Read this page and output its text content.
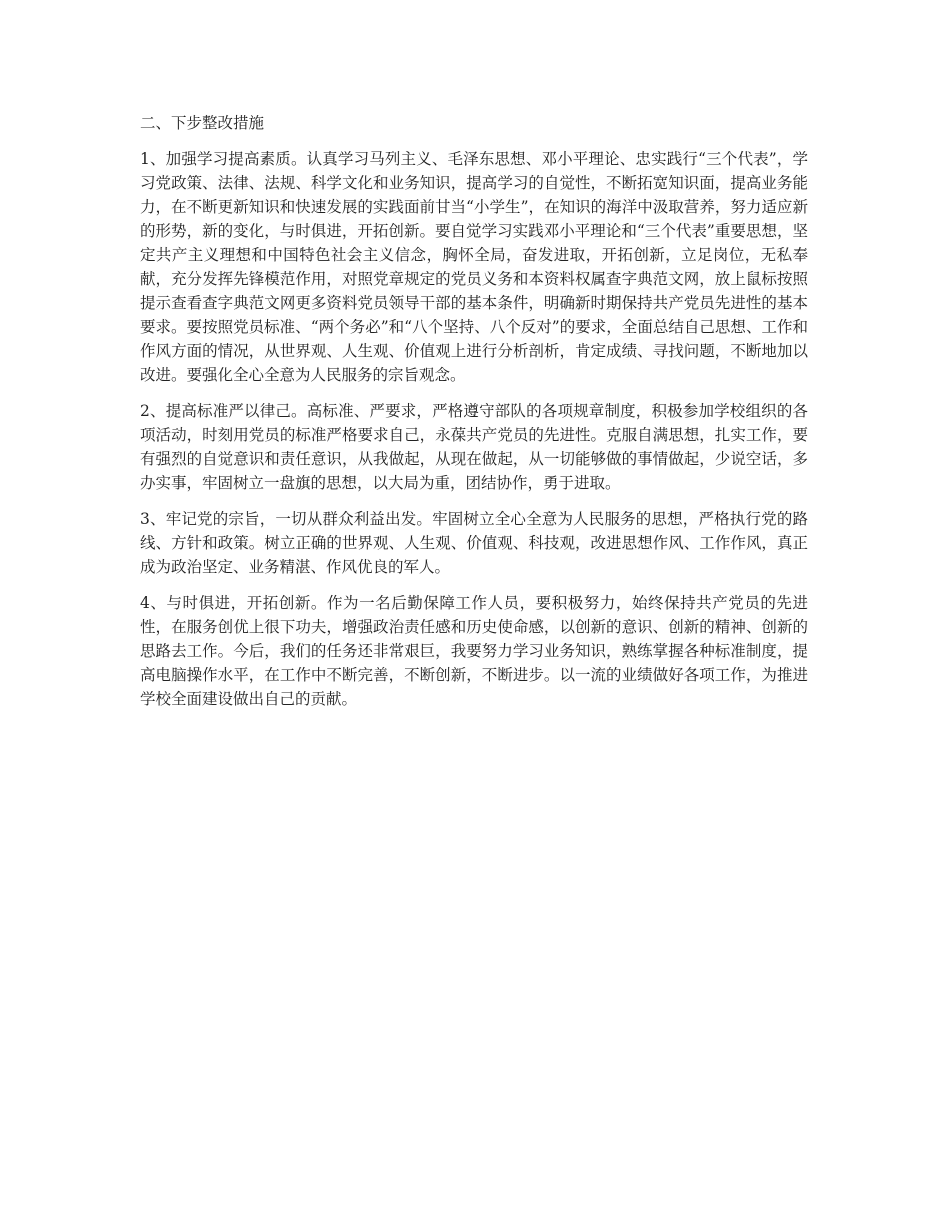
二、下步整改措施

1、加强学习提高素质。认真学习马列主义、毛泽东思想、邓小平理论、忠实践行“三个代表”，学习党政策、法律、法规、科学文化和业务知识，提高学习的自觉性，不断拓宽知识面，提高业务能力，在不断更新知识和快速发展的实践面前甘当“小学生”，在知识的海洋中汲取营养，努力适应新的形势，新的变化，与时俱进，开拓创新。要自觉学习实践邓小平理论和“三个代表”重要思想，坚定共产主义理想和中国特色社会主义信念，胸怀全局，奋发进取，开拓创新，立足岗位，无私奉献，充分发挥先锋模范作用，对照党章规定的党员义务和本资料权属查字典范文网，放上鼠标按照提示查看查字典范文网更多资料党员领导干部的基本条件，明确新时期保持共产党员先进性的基本要求。要按照党员标准、“两个务必”和“八个坚持、八个反对”的要求，全面总结自己思想、工作和作风方面的情况，从世界观、人生观、价值观上进行分析剖析，肯定成绩、寻找问题，不断地加以改进。要强化全心全意为人民服务的宗旨观念。

2、提高标准严以律己。高标准、严要求，严格遵守部队的各项规章制度，积极参加学校组织的各项活动，时刻用党员的标准严格要求自己，永葆共产党员的先进性。克服自满思想，扎实工作，要有强烈的自觉意识和责任意识，从我做起，从现在做起，从一切能够做的事情做起，少说空话，多办实事，牢固树立一盘旗的思想，以大局为重，团结协作，勇于进取。

3、牢记党的宗旨，一切从群众利益出发。牢固树立全心全意为人民服务的思想，严格执行党的路线、方针和政策。树立正确的世界观、人生观、价值观、科技观，改进思想作风、工作作风，真正成为政治坚定、业务精湛、作风优良的军人。

4、与时俱进，开拓创新。作为一名后勤保障工作人员，要积极努力，始终保持共产党员的先进性，在服务创优上很下功夫，增强政治责任感和历史使命感，以创新的意识、创新的精神、创新的思路去工作。今后，我们的任务还非常艰巨，我要努力学习业务知识，熟练掌握各种标准制度，提高电脑操作水平，在工作中不断完善，不断创新，不断进步。以一流的业绩做好各项工作，为推进学校全面建设做出自己的贡献。
